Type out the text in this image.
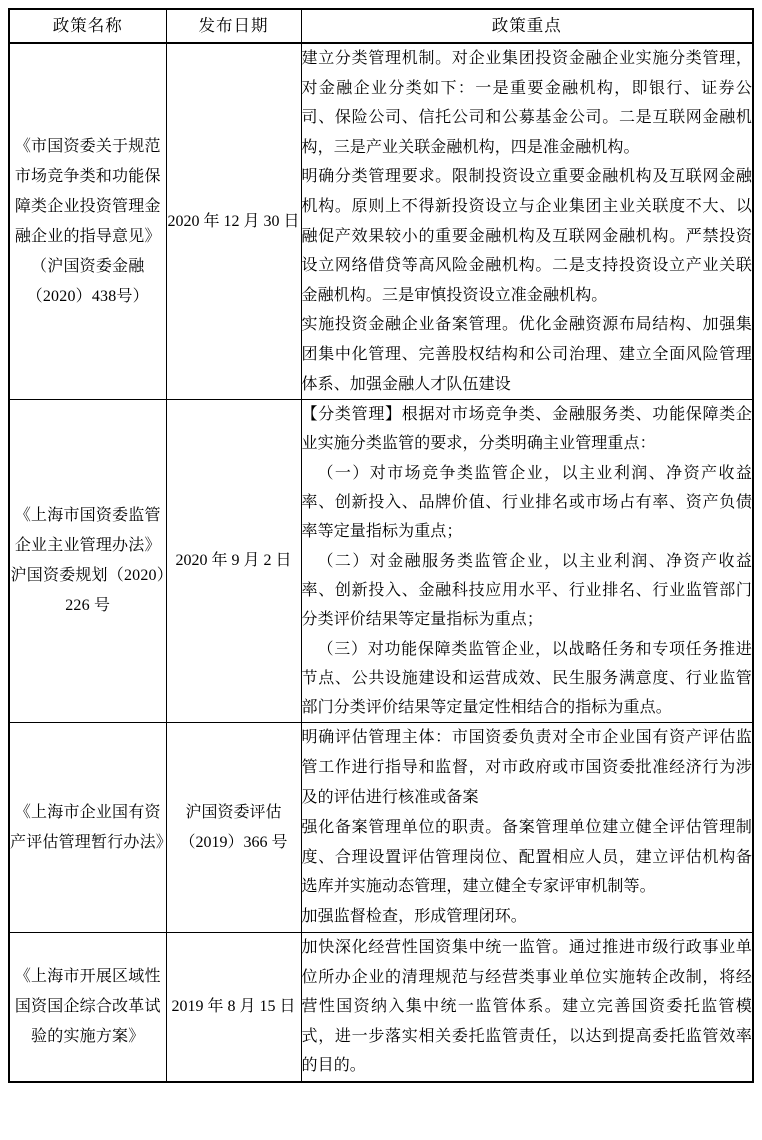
政策名称	发布日期	政策重点
《市国资委关于规范市场竞争类和功能保障类企业投资管理金融企业的指导意见》（沪国资委金融（2020）438号）	2020 年 12 月 30 日	建立分类管理机制。对企业集团投资金融企业实施分类管理，对金融企业分类如下：一是重要金融机构，即银行、证券公司、保险公司、信托公司和公募基金公司。二是互联网金融机构，三是产业关联金融机构，四是准金融机构。

明确分类管理要求。限制投资设立重要金融机构及互联网金融机构。原则上不得新投资设立与企业集团主业关联度不大、以融促产效果较小的重要金融机构及互联网金融机构。严禁投资设立网络借贷等高风险金融机构。二是支持投资设立产业关联金融机构。三是审慎投资设立准金融机构。

实施投资金融企业备案管理。优化金融资源布局结构、加强集团集中化管理、完善股权结构和公司治理、建立全面风险管理体系、加强金融人才队伍建设

《上海市国资委监管企业主业管理办法》沪国资委规划（2020）226 号	2020 年 9 月 2 日	【分类管理】根据对市场竞争类、金融服务类、功能保障类企业实施分类监管的要求，分类明确主业管理重点：

（一）对市场竞争类监管企业，以主业利润、净资产收益率、创新投入、品牌价值、行业排名或市场占有率、资产负债率等定量指标为重点；

（二）对金融服务类监管企业，以主业利润、净资产收益率、创新投入、金融科技应用水平、行业排名、行业监管部门分类评价结果等定量指标为重点；

（三）对功能保障类监管企业，以战略任务和专项任务推进节点、公共设施建设和运营成效、民生服务满意度、行业监管部门分类评价结果等定量定性相结合的指标为重点。

《上海市企业国有资产评估管理暂行办法》	沪国资委评估（2019）366 号	明确评估管理主体：市国资委负责对全市企业国有资产评估监管工作进行指导和监督，对市政府或市国资委批准经济行为涉及的评估进行核准或备案

强化备案管理单位的职责。备案管理单位建立健全评估管理制度、合理设置评估管理岗位、配置相应人员，建立评估机构备选库并实施动态管理，建立健全专家评审机制等。

加强监督检查，形成管理闭环。

《上海市开展区域性国资国企综合改革试验的实施方案》	2019 年 8 月 15 日	加快深化经营性国资集中统一监管。通过推进市级行政事业单位所办企业的清理规范与经营类事业单位实施转企改制，将经营性国资纳入集中统一监管体系。建立完善国资委托监管模式，进一步落实相关委托监管责任，以达到提高委托监管效率的目的。
